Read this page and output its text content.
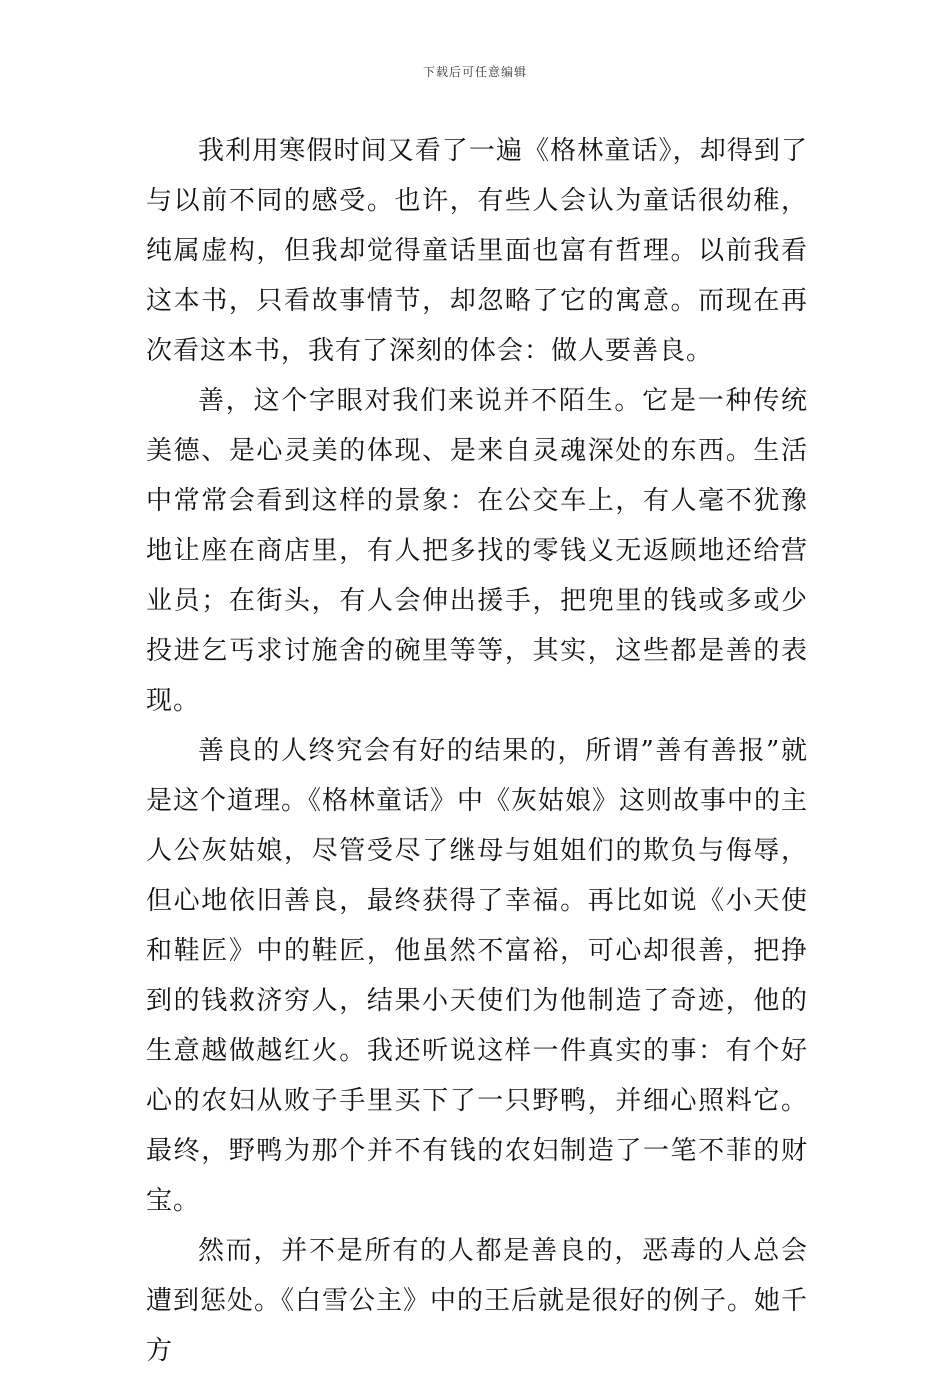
下载后可任意编辑

我利用寒假时间又看了一遍《格林童话》，却得到了与以前不同的感受。也许，有些人会认为童话很幼稚，纯属虚构，但我却觉得童话里面也富有哲理。以前我看这本书，只看故事情节，却忽略了它的寓意。而现在再次看这本书，我有了深刻的体会：做人要善良。

善，这个字眼对我们来说并不陌生。它是一种传统美德、是心灵美的体现、是来自灵魂深处的东西。生活中常常会看到这样的景象：在公交车上，有人毫不犹豫地让座在商店里，有人把多找的零钱义无返顾地还给营业员；在街头，有人会伸出援手，把兜里的钱或多或少投进乞丐求讨施舍的碗里等等，其实，这些都是善的表现。

善良的人终究会有好的结果的，所谓”善有善报”就是这个道理。《格林童话》中《灰姑娘》这则故事中的主人公灰姑娘，尽管受尽了继母与姐姐们的欺负与侮辱，但心地依旧善良，最终获得了幸福。再比如说《小天使和鞋匠》中的鞋匠，他虽然不富裕，可心却很善，把挣到的钱救济穷人，结果小天使们为他制造了奇迹，他的生意越做越红火。我还听说这样一件真实的事：有个好心的农妇从败子手里买下了一只野鸭，并细心照料它。最终，野鸭为那个并不有钱的农妇制造了一笔不菲的财宝。

然而，并不是所有的人都是善良的，恶毒的人总会遭到惩处。《白雪公主》中的王后就是很好的例子。她千方
